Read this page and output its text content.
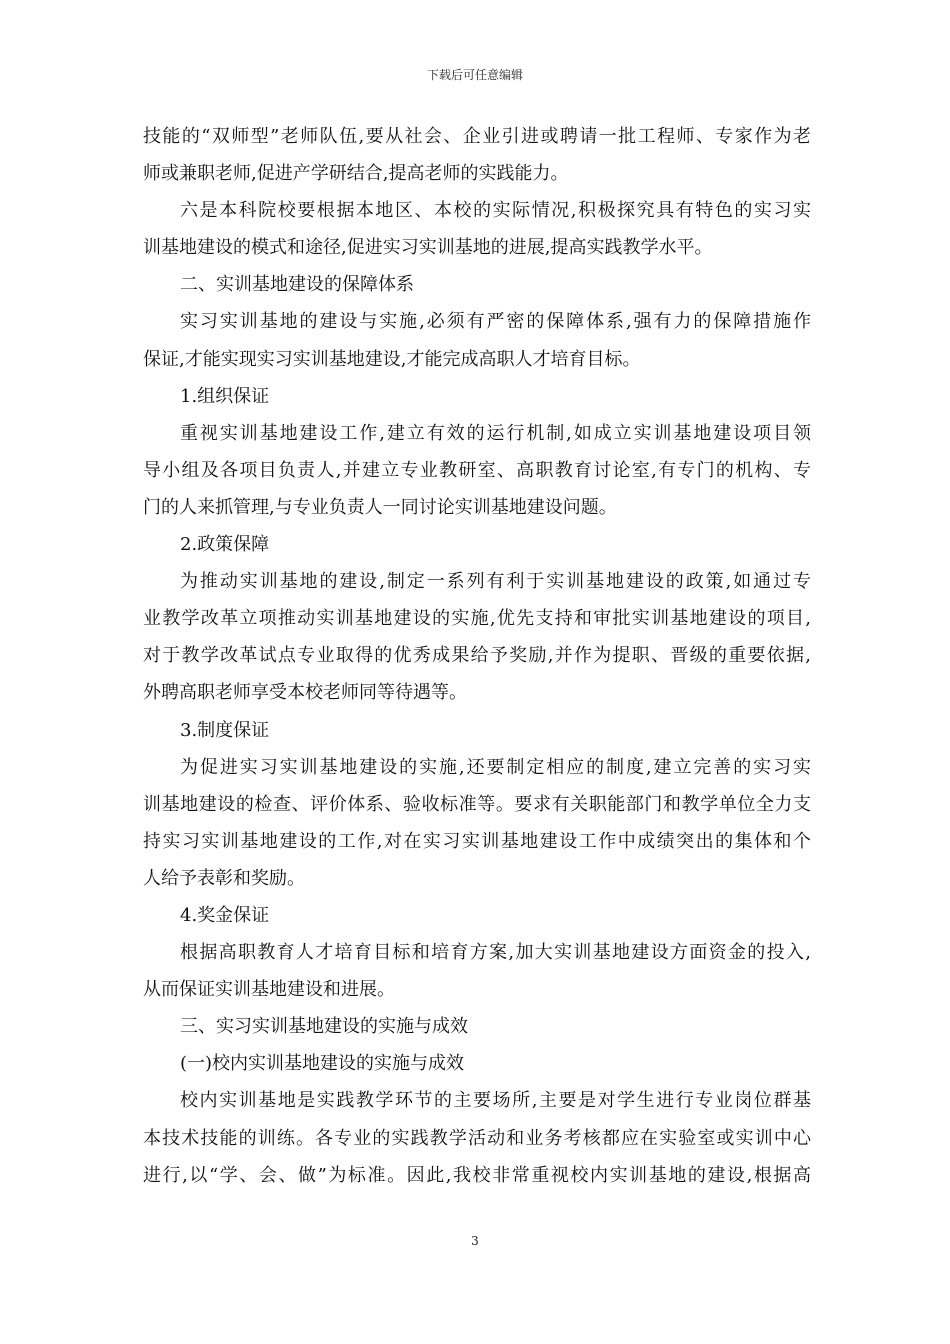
下载后可任意编辑
技能的“双师型”老师队伍,要从社会、企业引进或聘请一批工程师、专家作为老
师或兼职老师,促进产学研结合,提高老师的实践能力。
六是本科院校要根据本地区、本校的实际情况,积极探究具有特色的实习实
训基地建设的模式和途径,促进实习实训基地的进展,提高实践教学水平。
二、实训基地建设的保障体系
实习实训基地的建设与实施,必须有严密的保障体系,强有力的保障措施作
保证,才能实现实习实训基地建设,才能完成高职人才培育目标。
1.组织保证
重视实训基地建设工作,建立有效的运行机制,如成立实训基地建设项目领
导小组及各项目负责人,并建立专业教研室、高职教育讨论室,有专门的机构、专
门的人来抓管理,与专业负责人一同讨论实训基地建设问题。
2.政策保障
为推动实训基地的建设,制定一系列有利于实训基地建设的政策,如通过专
业教学改革立项推动实训基地建设的实施,优先支持和审批实训基地建设的项目,
对于教学改革试点专业取得的优秀成果给予奖励,并作为提职、晋级的重要依据,
外聘高职老师享受本校老师同等待遇等。
3.制度保证
为促进实习实训基地建设的实施,还要制定相应的制度,建立完善的实习实
训基地建设的检查、评价体系、验收标准等。要求有关职能部门和教学单位全力支
持实习实训基地建设的工作,对在实习实训基地建设工作中成绩突出的集体和个
人给予表彰和奖励。
4.奖金保证
根据高职教育人才培育目标和培育方案,加大实训基地建设方面资金的投入,
从而保证实训基地建设和进展。
三、实习实训基地建设的实施与成效
(一)校内实训基地建设的实施与成效
校内实训基地是实践教学环节的主要场所,主要是对学生进行专业岗位群基
本技术技能的训练。各专业的实践教学活动和业务考核都应在实验室或实训中心
进行,以“学、会、做”为标准。因此,我校非常重视校内实训基地的建设,根据高
3
